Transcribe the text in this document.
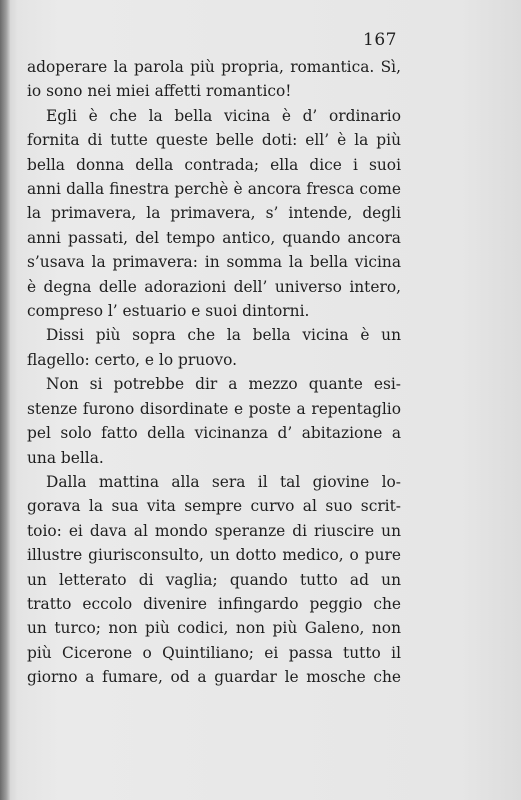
167
adoperare la parola più propria, romantica. Sì,
io sono nei miei affetti romantico!
Egli è che la bella vicina è d’ ordinario
fornita di tutte queste belle doti: ell’ è la più
bella donna della contrada; ella dice i suoi
anni dalla finestra perchè è ancora fresca come
la primavera, la primavera, s’ intende, degli
anni passati, del tempo antico, quando ancora
s’usava la primavera: in somma la bella vicina
è degna delle adorazioni dell’ universo intero,
compreso l’ estuario e suoi dintorni.
Dissi più sopra che la bella vicina è un
flagello: certo, e lo pruovo.
Non si potrebbe dir a mezzo quante esi-
stenze furono disordinate e poste a repentaglio
pel solo fatto della vicinanza d’ abitazione a
una bella.
Dalla mattina alla sera il tal giovine lo-
gorava la sua vita sempre curvo al suo scrit-
toio: ei dava al mondo speranze di riuscire un
illustre giurisconsulto, un dotto medico, o pure
un letterato di vaglia; quando tutto ad un
tratto eccolo divenire infingardo peggio che
un turco; non più codici, non più Galeno, non
più Cicerone o Quintiliano; ei passa tutto il
giorno a fumare, od a guardar le mosche che
